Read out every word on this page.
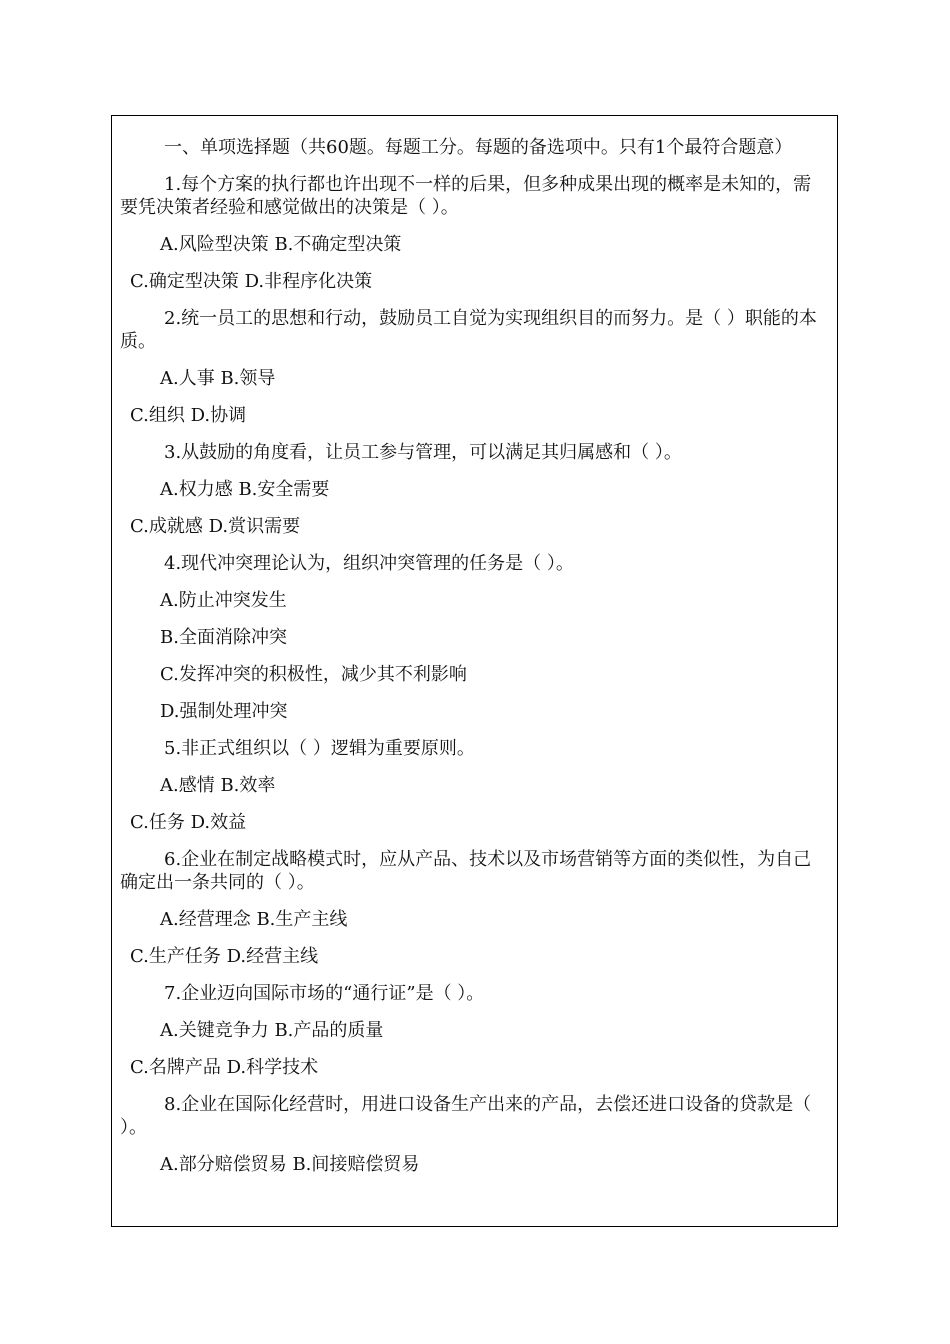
一、单项选择题（共60题。每题工分。每题的备选项中。只有1个最符合题意）

1.每个方案的执行都也许出现不一样的后果，但多种成果出现的概率是未知的，需要凭决策者经验和感觉做出的决策是（ ）。

A.风险型决策 B.不确定型决策

C.确定型决策 D.非程序化决策

2.统一员工的思想和行动，鼓励员工自觉为实现组织目的而努力。是（ ）职能的本质。

A.人事 B.领导

C.组织 D.协调

3.从鼓励的角度看，让员工参与管理，可以满足其归属感和（ ）。

A.权力感 B.安全需要

C.成就感 D.赏识需要

4.现代冲突理论认为，组织冲突管理的任务是（ ）。

A.防止冲突发生

B.全面消除冲突

C.发挥冲突的积极性，减少其不利影响

D.强制处理冲突

5.非正式组织以（ ）逻辑为重要原则。

A.感情 B.效率

C.任务 D.效益

6.企业在制定战略模式时，应从产品、技术以及市场营销等方面的类似性，为自己确定出一条共同的（ ）。

A.经营理念 B.生产主线

C.生产任务 D.经营主线

7.企业迈向国际市场的“通行证”是（ ）。

A.关键竞争力 B.产品的质量

C.名牌产品 D.科学技术

8.企业在国际化经营时，用进口设备生产出来的产品，去偿还进口设备的贷款是（ ）。

A.部分赔偿贸易 B.间接赔偿贸易
